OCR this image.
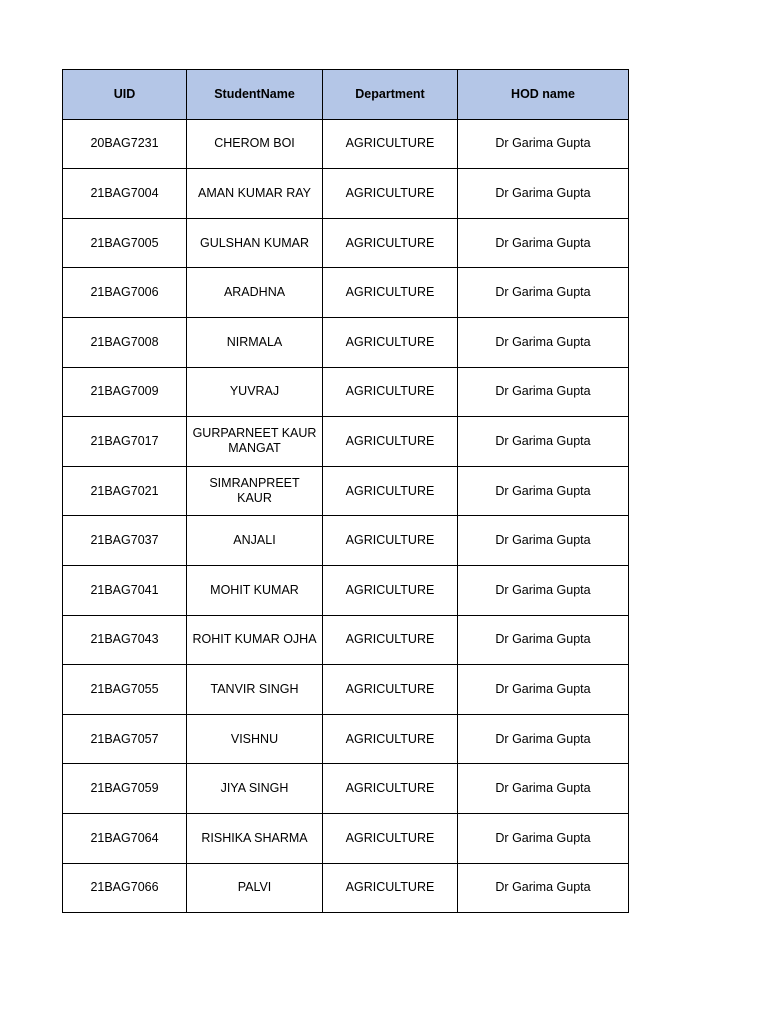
UID	StudentName	Department	HOD name
20BAG7231	CHEROM BOI	AGRICULTURE	Dr Garima Gupta
21BAG7004	AMAN KUMAR RAY	AGRICULTURE	Dr Garima Gupta
21BAG7005	GULSHAN KUMAR	AGRICULTURE	Dr Garima Gupta
21BAG7006	ARADHNA	AGRICULTURE	Dr Garima Gupta
21BAG7008	NIRMALA	AGRICULTURE	Dr Garima Gupta
21BAG7009	YUVRAJ	AGRICULTURE	Dr Garima Gupta
21BAG7017	GURPARNEET KAUR MANGAT	AGRICULTURE	Dr Garima Gupta
21BAG7021	SIMRANPREET KAUR	AGRICULTURE	Dr Garima Gupta
21BAG7037	ANJALI	AGRICULTURE	Dr Garima Gupta
21BAG7041	MOHIT KUMAR	AGRICULTURE	Dr Garima Gupta
21BAG7043	ROHIT KUMAR OJHA	AGRICULTURE	Dr Garima Gupta
21BAG7055	TANVIR SINGH	AGRICULTURE	Dr Garima Gupta
21BAG7057	VISHNU	AGRICULTURE	Dr Garima Gupta
21BAG7059	JIYA SINGH	AGRICULTURE	Dr Garima Gupta
21BAG7064	RISHIKA SHARMA	AGRICULTURE	Dr Garima Gupta
21BAG7066	PALVI	AGRICULTURE	Dr Garima Gupta
